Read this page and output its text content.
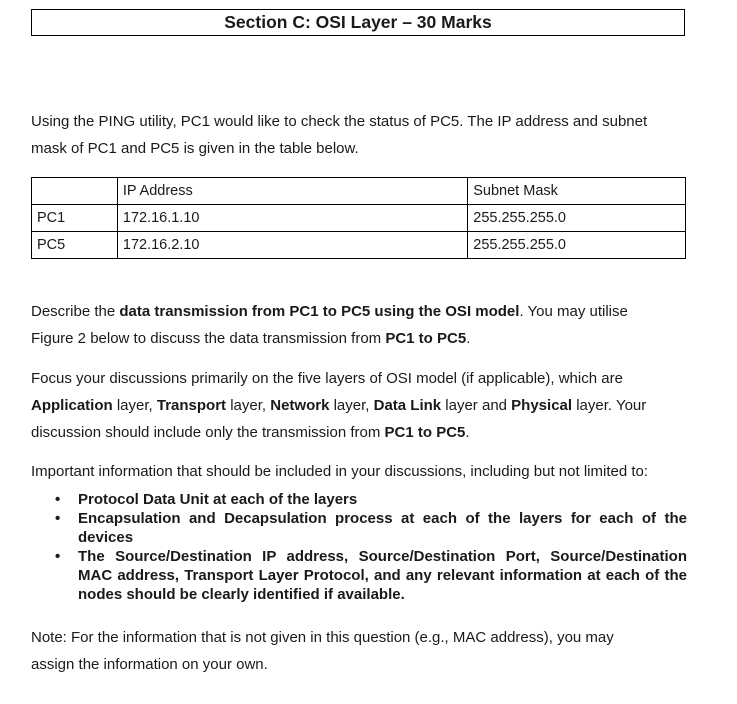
Section C: OSI Layer – 30 Marks

Using the PING utility, PC1 would like to check the status of PC5. The IP address and subnet
mask of PC1 and PC5 is given in the table below.

	IP Address	Subnet Mask
PC1	172.16.1.10	255.255.255.0
PC5	172.16.2.10	255.255.255.0

Describe the data transmission from PC1 to PC5 using the OSI model. You may utilise
Figure 2 below to discuss the data transmission from PC1 to PC5.

Focus your discussions primarily on the five layers of OSI model (if applicable), which are
Application layer, Transport layer, Network layer, Data Link layer and Physical layer. Your
discussion should include only the transmission from PC1 to PC5.

Important information that should be included in your discussions, including but not limited to:

• Protocol Data Unit at each of the layers
• Encapsulation and Decapsulation process at each of the layers for each of the devices
• The Source/Destination IP address, Source/Destination Port, Source/Destination MAC address, Transport Layer Protocol, and any relevant information at each of the nodes should be clearly identified if available.

Note: For the information that is not given in this question (e.g., MAC address), you may
assign the information on your own.
